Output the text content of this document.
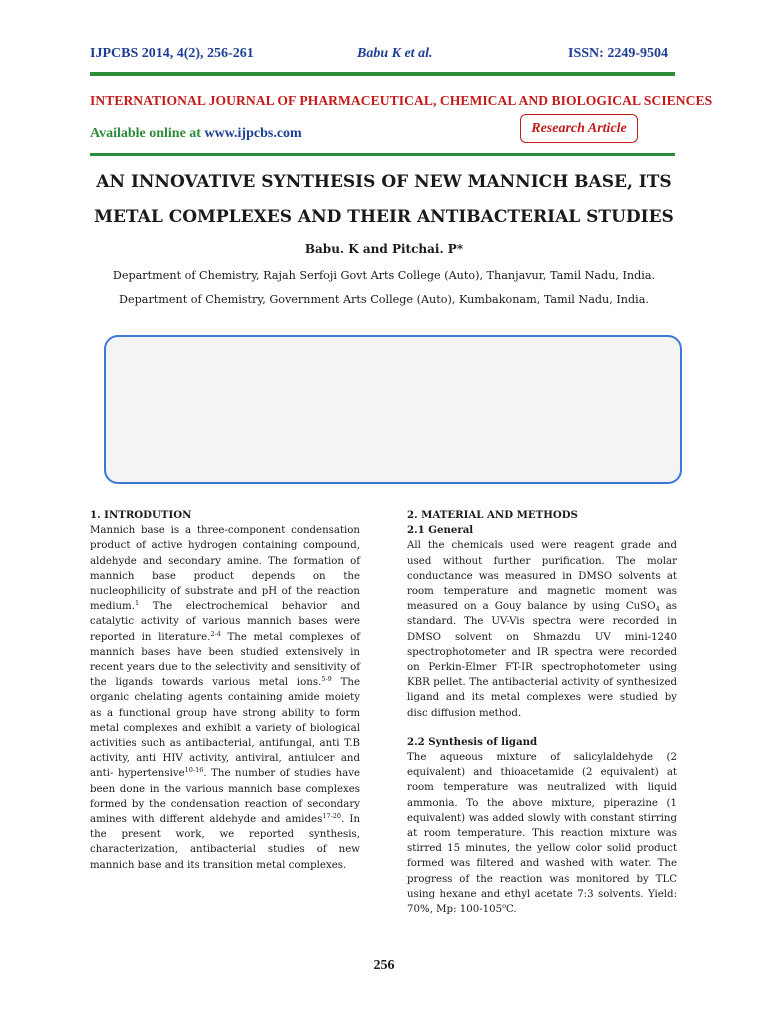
IJPCBS 2014, 4(2), 256-261	Babu K et al.	ISSN: 2249-9504
INTERNATIONAL JOURNAL OF PHARMACEUTICAL, CHEMICAL AND BIOLOGICAL SCIENCES
Available online at www.ijpcbs.com	Research Article
AN INNOVATIVE SYNTHESIS OF NEW MANNICH BASE, ITS
METAL COMPLEXES AND THEIR ANTIBACTERIAL STUDIES
Babu. K and Pitchai. P*
Department of Chemistry, Rajah Serfoji Govt Arts College (Auto), Thanjavur, Tamil Nadu, India.
Department of Chemistry, Government Arts College (Auto), Kumbakonam, Tamil Nadu, India.
1. INTRODUTION

Mannich base is a three-component condensation product of active hydrogen containing compound, aldehyde and secondary amine. The formation of mannich base product depends on the nucleophilicity of substrate and pH of the reaction medium.$^1$ The electrochemical behavior and catalytic activity of various mannich bases were reported in literature.$^{2-4}$ The metal complexes of mannich bases have been studied extensively in recent years due to the selectivity and sensitivity of the ligands towards various metal ions.$^{5-9}$ The organic chelating agents containing amide moiety as a functional group have strong ability to form metal complexes and exhibit a variety of biological activities such as antibacterial, antifungal, anti T.B activity, anti HIV activity, antiviral, antiulcer and anti- hypertensive$^{10-16}$. The number of studies have been done in the various mannich base complexes formed by the condensation reaction of secondary amines with different aldehyde and amides$^{17-20}$. In the present work, we reported synthesis, characterization, antibacterial studies of new mannich base and its transition metal complexes.

2. MATERIAL AND METHODS
2.1 General

All the chemicals used were reagent grade and used without further purification. The molar conductance was measured in DMSO solvents at room temperature and magnetic moment was measured on a Gouy balance by using CuSO$_4$ as standard. The UV-Vis spectra were recorded in DMSO solvent on Shmazdu UV mini-1240 spectrophotometer and IR spectra were recorded on Perkin-Elmer FT-IR spectrophotometer using KBR pellet. The antibacterial activity of synthesized ligand and its metal complexes were studied by disc diffusion method.

2.2 Synthesis of ligand

The aqueous mixture of salicylaldehyde (2 equivalent) and thioacetamide (2 equivalent) at room temperature was neutralized with liquid ammonia. To the above mixture, piperazine (1 equivalent) was added slowly with constant stirring at room temperature. This reaction mixture was stirred 15 minutes, the yellow color solid product formed was filtered and washed with water. The progress of the reaction was monitored by TLC using hexane and ethyl acetate 7:3 solvents. Yield: 70%, Mp: 100-105$^o$C.

256
